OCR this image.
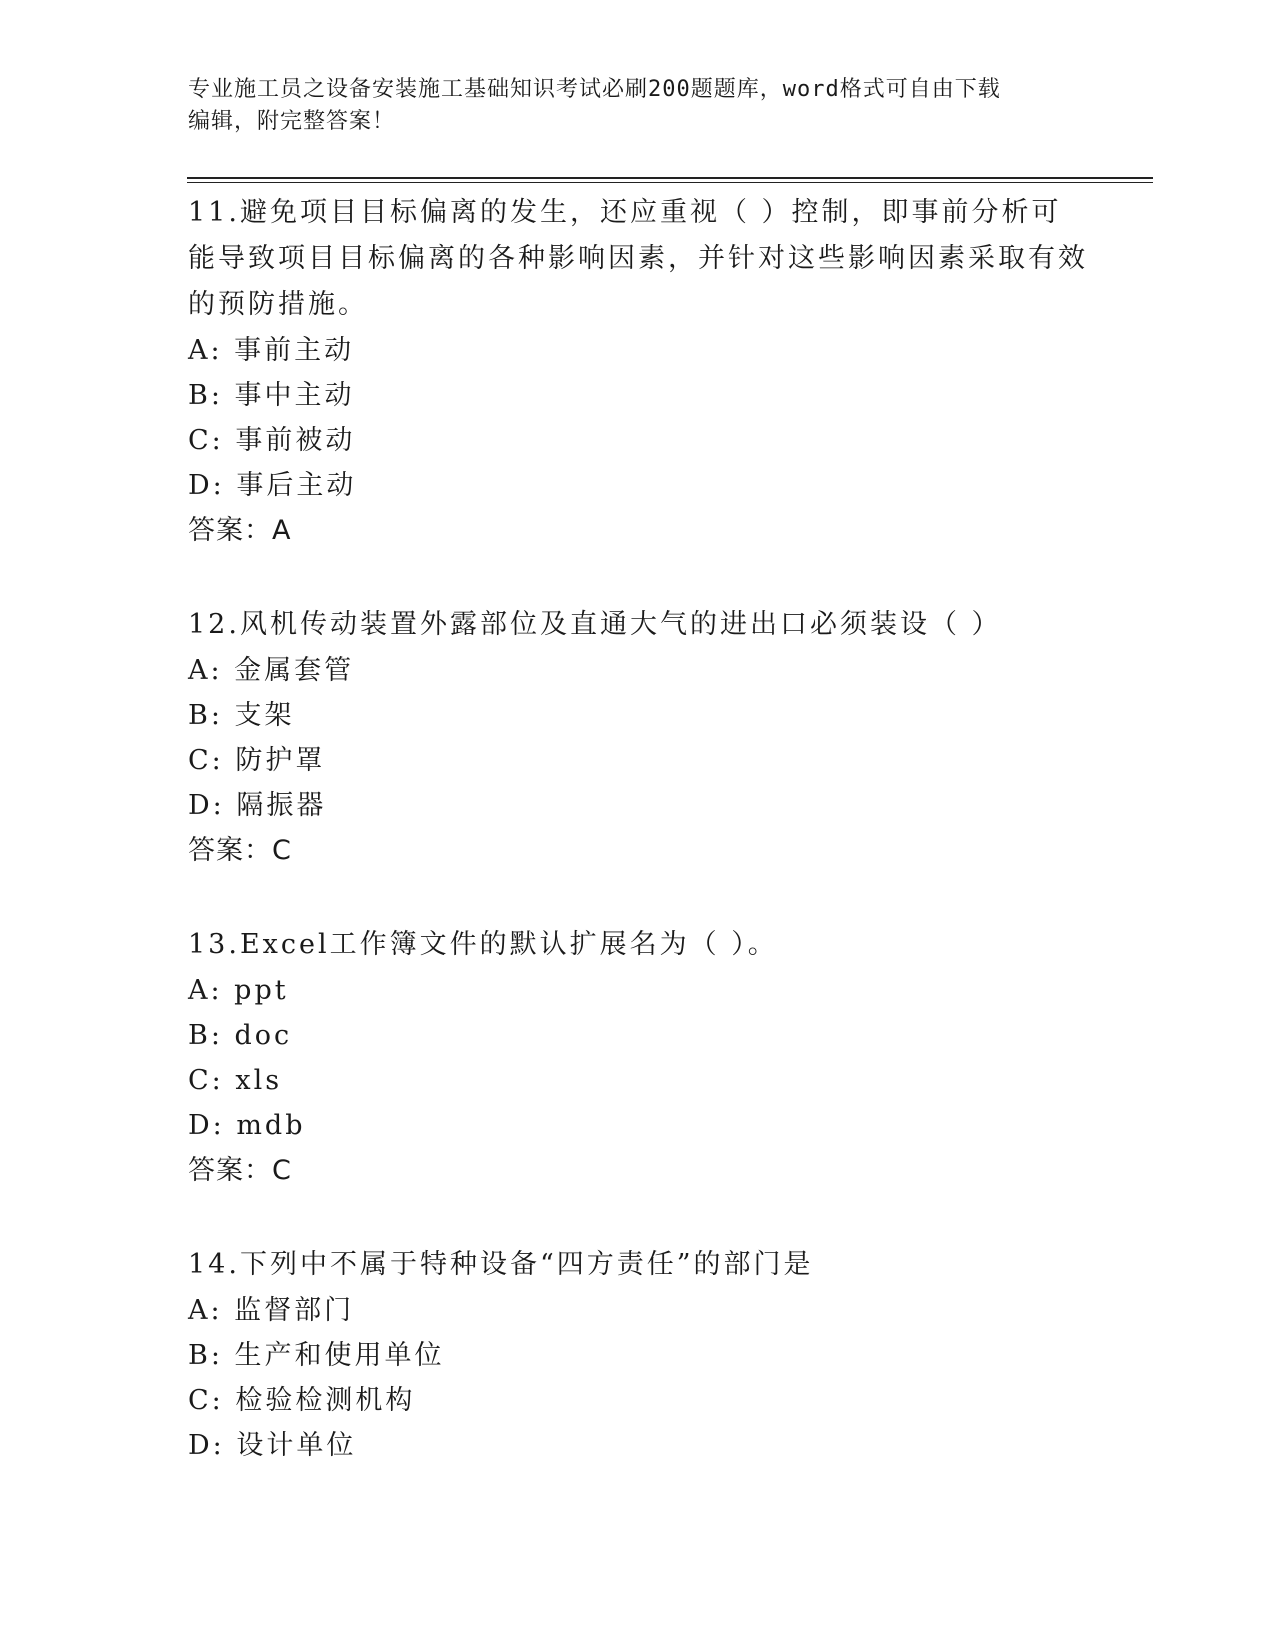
专业施工员之设备安装施工基础知识考试必刷200题题库，word格式可自由下载
编辑，附完整答案！

11.避免项目目标偏离的发生，还应重视（ ）控制，即事前分析可能导致项目目标偏离的各种影响因素，并针对这些影响因素采取有效的预防措施。

A: 事前主动

B: 事中主动

C: 事前被动

D: 事后主动

答案：A

12.风机传动装置外露部位及直通大气的进出口必须装设（ ）

A: 金属套管

B: 支架

C: 防护罩

D: 隔振器

答案：C

13.Excel工作簿文件的默认扩展名为（ ）。

A: ppt

B: doc

C: xls

D: mdb

答案：C

14.下列中不属于特种设备“四方责任”的部门是

A: 监督部门

B: 生产和使用单位

C: 检验检测机构

D: 设计单位
